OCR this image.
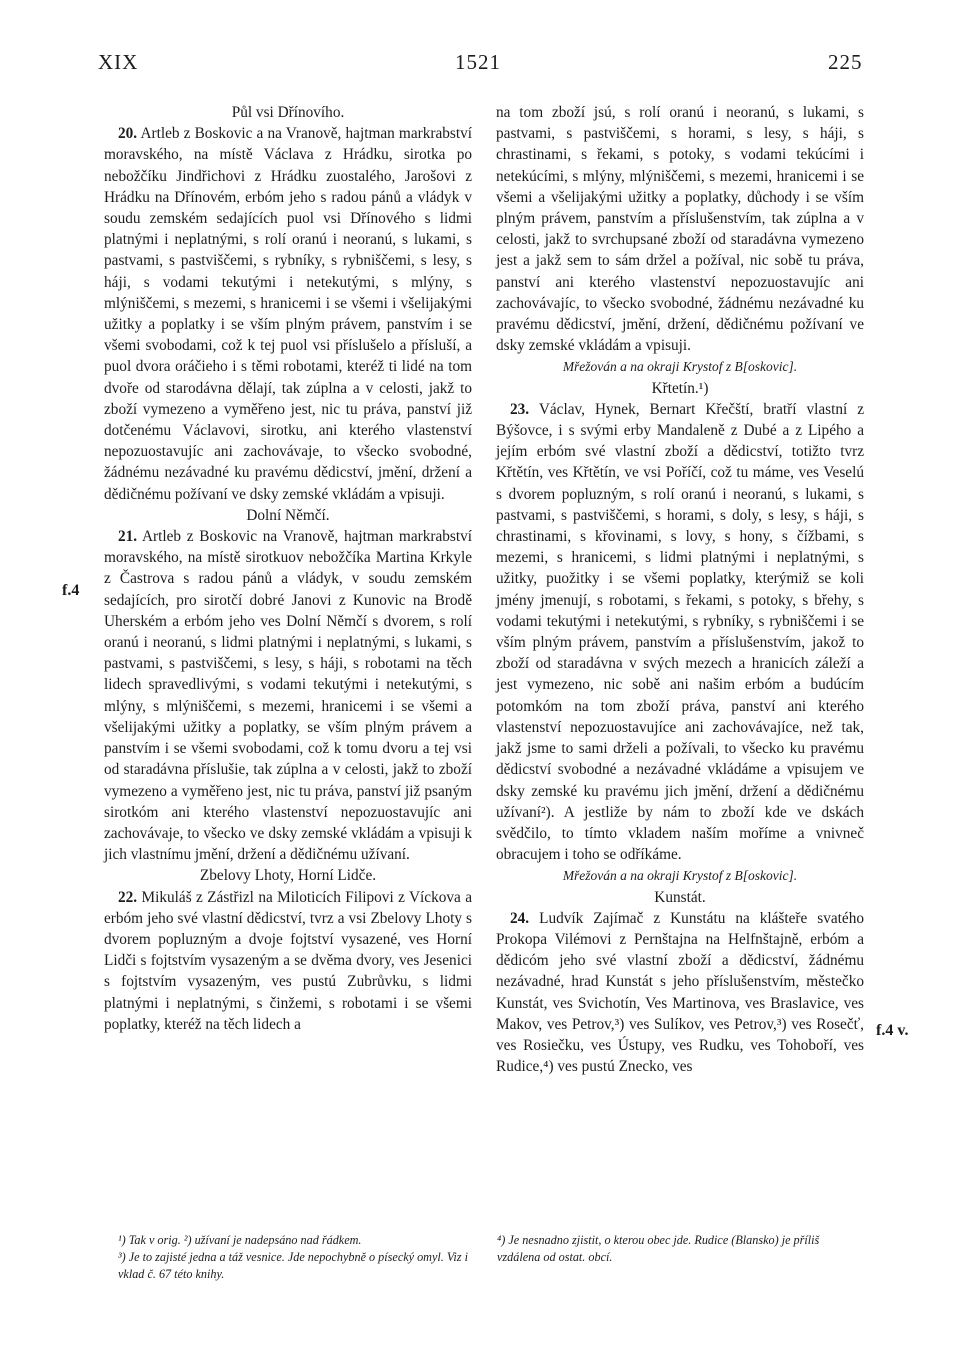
XIX	1521	225
f.4
f.4 v.

Půl vsi Dřínovího.

20. Artleb z Boskovic a na Vranově, hajtman markrabství moravského, na místě Václava z Hrádku, sirotka po nebožčíku Jindřichovi z Hrádku zuostalého, Jarošovi z Hrádku na Dřínovém, erbóm jeho s radou pánů a vládyk v soudu zemském sedajících puol vsi Dřínového s lidmi platnými i neplatnými, s rolí oranú i neoranú, s lukami, s pastvami, s pastviščemi, s rybníky, s rybniščemi, s lesy, s háji, s vodami tekutými i netekutými, s mlýny, s mlýniščemi, s mezemi, s hranicemi i se všemi i všelijakými užitky a poplatky i se vším plným právem, panstvím i se všemi svobodami, což k tej puol vsi příslušelo a přísluší, a puol dvora oráčieho i s těmi robotami, kteréž ti lidé na tom dvoře od starodávna dělají, tak zúplna a v celosti, jakž to zboží vymezeno a vyměřeno jest, nic tu práva, panství již dotčenému Václavovi, sirotku, ani kterého vlastenství nepozuostavujíc ani zachovávaje, to všecko svobodné, žádnému nezávadné ku pravému dědicství, jmění, držení a dědičnému požívaní ve dsky zemské vkládám a vpisuji.

Dolní Němčí.

21. Artleb z Boskovic na Vranově, hajtman markrabství moravského, na místě sirotkuov nebožčíka Martina Krkyle z Častrova s radou pánů a vládyk, v soudu zemském sedajících, pro sirotčí dobré Janovi z Kunovic na Brodě Uherském a erbóm jeho ves Dolní Němčí s dvorem, s rolí oranú i neoranú, s lidmi platnými i neplatnými, s lukami, s pastvami, s pastviščemi, s lesy, s háji, s robotami na těch lidech spravedlivými, s vodami tekutými i netekutými, s mlýny, s mlýniščemi, s mezemi, hranicemi i se všemi a všelijakými užitky a poplatky, se vším plným právem a panstvím i se všemi svobodami, což k tomu dvoru a tej vsi od staradávna příslušie, tak zúplna a v celosti, jakž to zboží vymezeno a vyměřeno jest, nic tu práva, panství již psaným sirotkóm ani kterého vlastenství nepozuostavujíc ani zachovávaje, to všecko ve dsky zemské vkládám a vpisuji k jich vlastnímu jmění, držení a dědičnému užívaní.

Zbelovy Lhoty, Horní Lidče.

22. Mikuláš z Zástřizl na Miloticích Filipovi z Víckova a erbóm jeho své vlastní dědicství, tvrz a vsi Zbelovy Lhoty s dvorem popluzným a dvoje fojtství vysazené, ves Horní Lidči s fojtstvím vysazeným a se dvěma dvory, ves Jesenici s fojtstvím vysazeným, ves pustú Zubrůvku, s lidmi platnými i neplatnými, s činžemi, s robotami i se všemi poplatky, kteréž na těch lidech a

na tom zboží jsú, s rolí oranú i neoranú, s lukami, s pastvami, s pastviščemi, s horami, s lesy, s háji, s chrastinami, s řekami, s potoky, s vodami tekúcími i netekúcími, s mlýny, mlýniščemi, s mezemi, hranicemi i se všemi a všelijakými užitky a poplatky, důchody i se vším plným právem, panstvím a příslušenstvím, tak zúplna a v celosti, jakž to svrchupsané zboží od staradávna vymezeno jest a jakž sem to sám držel a požíval, nic sobě tu práva, panství ani kterého vlastenství nepozuostavujíc ani zachovávajíc, to všecko svobodné, žádnému nezávadné ku pravému dědicství, jmění, držení, dědičnému požívaní ve dsky zemské vkládám a vpisuji.

Mřežován a na okraji Krystof z B[oskovic].

Křtetín.¹)

23. Václav, Hynek, Bernart Křečští, bratří vlastní z Býšovce, i s svými erby Mandaleně z Dubé a z Lipého a jejím erbóm své vlastní zboží a dědicství, totižto tvrz Křtětín, ves Křtětín, ve vsi Poříčí, což tu máme, ves Veselú s dvorem popluzným, s rolí oranú i neoranú, s lukami, s pastvami, s pastviščemi, s horami, s doly, s lesy, s háji, s chrastinami, s křovinami, s lovy, s hony, s čížbami, s mezemi, s hranicemi, s lidmi platnými i neplatnými, s užitky, puožitky i se všemi poplatky, kterýmiž se koli jmény jmenují, s robotami, s řekami, s potoky, s břehy, s vodami tekutými i netekutými, s rybníky, s rybniščemi i se vším plným právem, panstvím a příslušenstvím, jakož to zboží od staradávna v svých mezech a hranicích záleží a jest vymezeno, nic sobě ani našim erbóm a budúcím potomkóm na tom zboží práva, panství ani kterého vlastenství nepozuostavujíce ani zachovávajíce, než tak, jakž jsme to sami drželi a požívali, to všecko ku pravému dědicství svobodné a nezávadné vkládáme a vpisujem ve dsky zemské ku pravému jich jmění, držení a dědičnému užívaní²). A jestliže by nám to zboží kde ve dskách svědčilo, to tímto vkladem naším moříme a vnivneč obracujem i toho se odříkáme.

Mřežován a na okraji Krystof z B[oskovic].

Kunstát.

24. Ludvík Zajímač z Kunstátu na klášteře svatého Prokopa Vilémovi z Pernštajna na Helfnštajně, erbóm a dědicóm jeho své vlastní zboží a dědicství, žádnému nezávadné, hrad Kunstát s jeho příslušenstvím, městečko Kunstát, ves Svichotín, Ves Martinova, ves Braslavice, ves Makov, ves Petrov,³) ves Sulíkov, ves Petrov,³) ves Rosečť, ves Rosiečku, ves Ústupy, ves Rudku, ves Tohoboří, ves Rudice,⁴) ves pustú Znecko, ves

¹) Tak v orig. ²) užívaní je nadepsáno nad řádkem.

³) Je to zajisté jedna a táž vesnice. Jde nepochybně o písecký omyl. Viz i vklad č. 67 této knihy.

⁴) Je nesnadno zjistit, o kterou obec jde. Rudice (Blansko) je příliš vzdálena od ostat. obcí.
